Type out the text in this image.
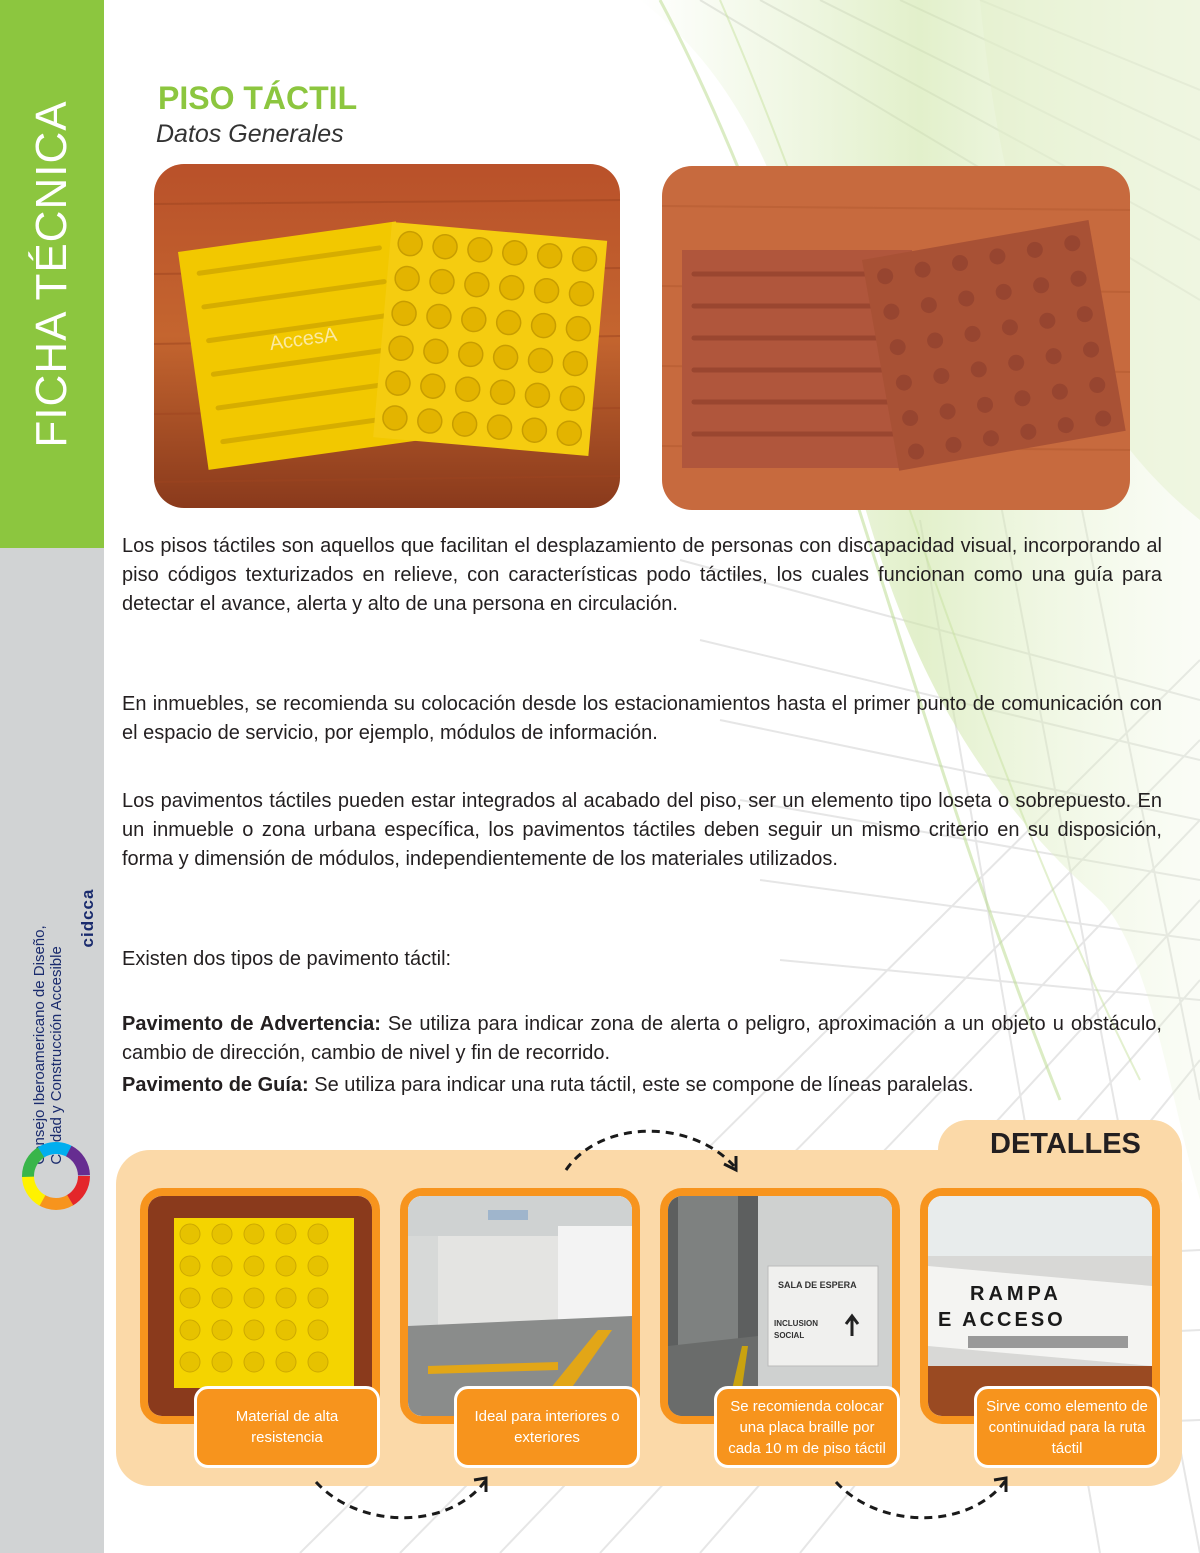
FICHA TÉCNICA
Consejo Iberoamericano de Diseño, Ciudad y Construcción Accesible
cidcca
PISO TÁCTIL
Datos Generales
AccesA
Los pisos táctiles son aquellos que facilitan el desplazamiento de personas con discapacidad visual, incorporando al piso códigos texturizados en relieve, con características podo táctiles, los cuales funcionan como una guía para detectar el avance, alerta y alto de una persona en circulación.
En inmuebles, se recomienda su colocación desde los estacionamientos hasta el primer punto de comunicación con el espacio de servicio, por ejemplo, módulos de información.
Los pavimentos táctiles pueden estar integrados al acabado del piso, ser un elemento tipo loseta o sobrepuesto. En un inmueble o zona urbana específica, los pavimentos táctiles deben seguir un mismo criterio en su disposición, forma y dimensión de módulos, independientemente de los materiales utilizados.
Existen dos tipos de pavimento táctil:
Pavimento de Advertencia: Se utiliza para indicar zona de alerta o peligro, aproximación a un objeto u obstáculo, cambio de dirección, cambio de nivel y fin de recorrido.
Pavimento de Guía: Se utiliza para indicar una ruta táctil, este se compone de líneas paralelas.
DETALLES
Material de alta resistencia
Ideal para interiores o exteriores
SALA DE ESPERA
INCLUSION
SOCIAL
Se recomienda colocar una placa braille por cada 10 m de piso táctil
RAMPA
E ACCESO
Sirve como elemento de continuidad para la ruta táctil
